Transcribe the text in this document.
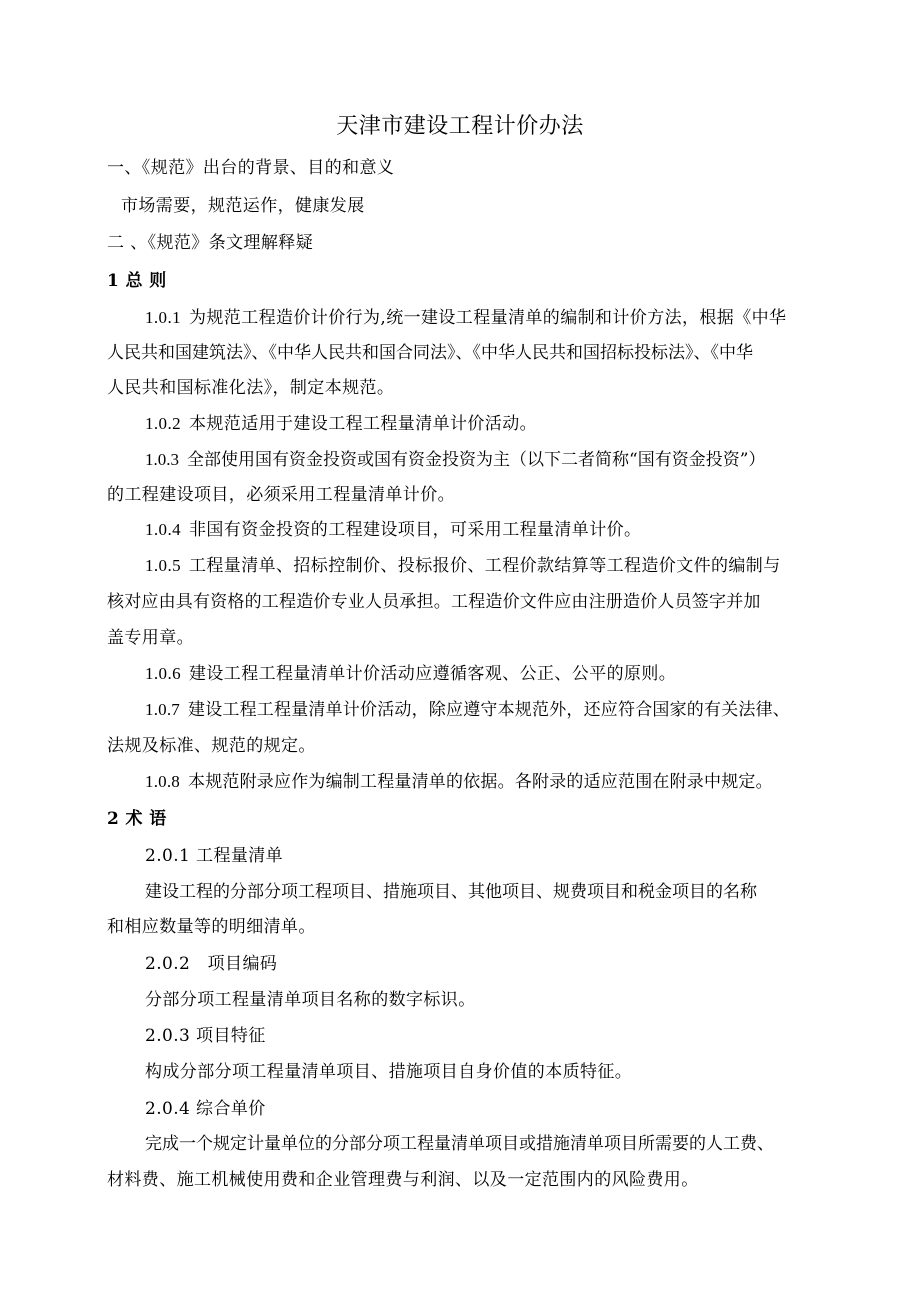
天津市建设工程计价办法
一、《规范》出台的背景、目的和意义
市场需要，规范运作，健康发展
二 、《规范》条文理解释疑
1 总 则
1.0.1 为规范工程造价计价行为,统一建设工程量清单的编制和计价方法，根据《中华
人民共和国建筑法》、《中华人民共和国合同法》、《中华人民共和国招标投标法》、《中华
人民共和国标准化法》，制定本规范。
1.0.2 本规范适用于建设工程工程量清单计价活动。
1.0.3 全部使用国有资金投资或国有资金投资为主（以下二者简称“国有资金投资”）
的工程建设项目，必须采用工程量清单计价。
1.0.4 非国有资金投资的工程建设项目，可采用工程量清单计价。
1.0.5 工程量清单、招标控制价、投标报价、工程价款结算等工程造价文件的编制与
核对应由具有资格的工程造价专业人员承担。工程造价文件应由注册造价人员签字并加
盖专用章。
1.0.6 建设工程工程量清单计价活动应遵循客观、公正、公平的原则。
1.0.7 建设工程工程量清单计价活动，除应遵守本规范外，还应符合国家的有关法律、
法规及标准、规范的规定。
1.0.8 本规范附录应作为编制工程量清单的依据。各附录的适应范围在附录中规定。
2 术 语
2.0.1 工程量清单
建设工程的分部分项工程项目、措施项目、其他项目、规费项目和税金项目的名称
和相应数量等的明细清单。
2.0.2　项目编码
分部分项工程量清单项目名称的数字标识。
2.0.3 项目特征
构成分部分项工程量清单项目、措施项目自身价值的本质特征。
2.0.4 综合单价
完成一个规定计量单位的分部分项工程量清单项目或措施清单项目所需要的人工费、
材料费、施工机械使用费和企业管理费与利润、以及一定范围内的风险费用。
